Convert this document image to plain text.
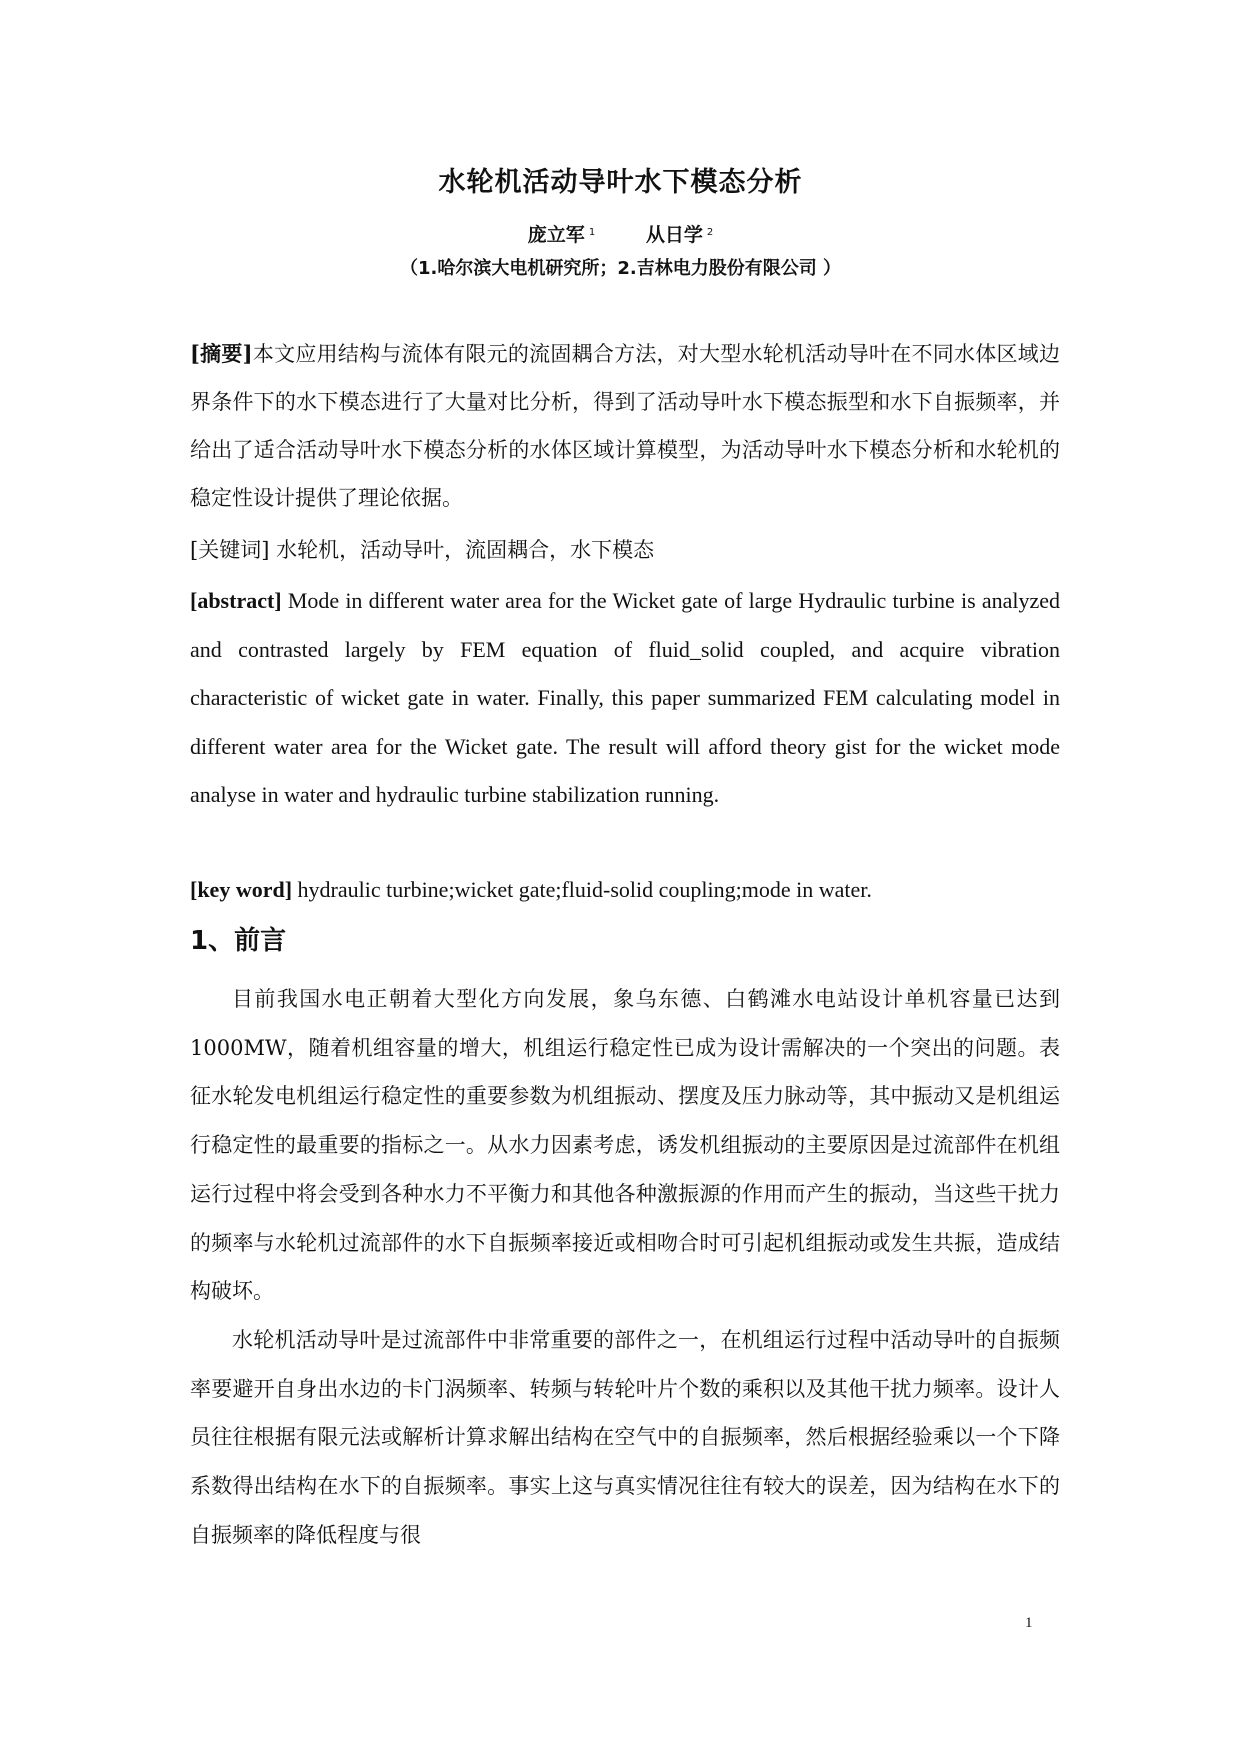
水轮机活动导叶水下模态分析
庞立军 $^1$	从日学 $^2$
（1.哈尔滨大电机研究所；2.吉林电力股份有限公司 ）

[摘要]本文应用结构与流体有限元的流固耦合方法，对大型水轮机活动导叶在不同水体区域边界条件下的水下模态进行了大量对比分析，得到了活动导叶水下模态振型和水下自振频率，并给出了适合活动导叶水下模态分析的水体区域计算模型，为活动导叶水下模态分析和水轮机的稳定性设计提供了理论依据。

[关键词] 水轮机，活动导叶，流固耦合，水下模态

[abstract] Mode in different water area for the Wicket gate of large Hydraulic turbine is analyzed and contrasted largely by FEM equation of fluid_solid coupled, and acquire vibration characteristic of wicket gate in water. Finally, this paper summarized FEM calculating model in different water area for the Wicket gate. The result will afford theory gist for the wicket mode analyse in water and hydraulic turbine stabilization running.

[key word] hydraulic turbine;wicket gate;fluid-solid coupling;mode in water.
1、前言

目前我国水电正朝着大型化方向发展，象乌东德、白鹤滩水电站设计单机容量已达到1000MW，随着机组容量的增大，机组运行稳定性已成为设计需解决的一个突出的问题。表征水轮发电机组运行稳定性的重要参数为机组振动、摆度及压力脉动等，其中振动又是机组运行稳定性的最重要的指标之一。从水力因素考虑，诱发机组振动的主要原因是过流部件在机组运行过程中将会受到各种水力不平衡力和其他各种激振源的作用而产生的振动，当这些干扰力的频率与水轮机过流部件的水下自振频率接近或相吻合时可引起机组振动或发生共振，造成结构破坏。

水轮机活动导叶是过流部件中非常重要的部件之一，在机组运行过程中活动导叶的自振频率要避开自身出水边的卡门涡频率、转频与转轮叶片个数的乘积以及其他干扰力频率。设计人员往往根据有限元法或解析计算求解出结构在空气中的自振频率，然后根据经验乘以一个下降系数得出结构在水下的自振频率。事实上这与真实情况往往有较大的误差，因为结构在水下的自振频率的降低程度与很

1
